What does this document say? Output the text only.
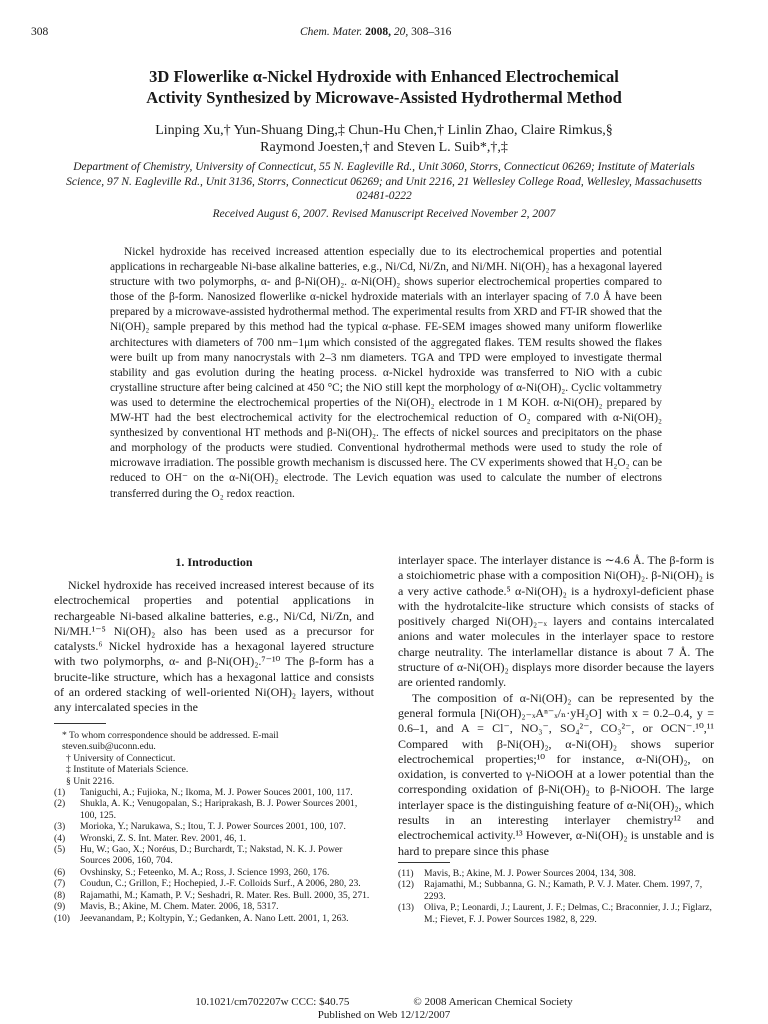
308	Chem. Mater. 2008, 20, 308–316
3D Flowerlike α-Nickel Hydroxide with Enhanced Electrochemical
Activity Synthesized by Microwave-Assisted Hydrothermal Method
Linping Xu,† Yun-Shuang Ding,‡ Chun-Hu Chen,† Linlin Zhao, Claire Rimkus,§
Raymond Joesten,† and Steven L. Suib*,†,‡
Department of Chemistry, University of Connecticut, 55 N. Eagleville Rd., Unit 3060, Storrs, Connecticut 06269; Institute of Materials Science, 97 N. Eagleville Rd., Unit 3136, Storrs, Connecticut 06269; and Unit 2216, 21 Wellesley College Road, Wellesley, Massachusetts 02481-0222
Received August 6, 2007. Revised Manuscript Received November 2, 2007

Nickel hydroxide has received increased attention especially due to its electrochemical properties and potential applications in rechargeable Ni-base alkaline batteries, e.g., Ni/Cd, Ni/Zn, and Ni/MH. Ni(OH)₂ has a hexagonal layered structure with two polymorphs, α- and β-Ni(OH)₂. α-Ni(OH)₂ shows superior electrochemical properties compared to those of the β-form. Nanosized flowerlike α-nickel hydroxide materials with an interlayer spacing of 7.0 Å have been prepared by a microwave-assisted hydrothermal method. The experimental results from XRD and FT-IR showed that the Ni(OH)₂ sample prepared by this method had the typical α-phase. FE-SEM images showed many uniform flowerlike architectures with diameters of 700 nm−1μm which consisted of the aggregated flakes. TEM results showed the flakes were built up from many nanocrystals with 2–3 nm diameters. TGA and TPD were employed to investigate thermal stability and gas evolution during the heating process. α-Nickel hydroxide was transferred to NiO with a cubic crystalline structure after being calcined at 450 °C; the NiO still kept the morphology of α-Ni(OH)₂. Cyclic voltammetry was used to determine the electrochemical properties of the Ni(OH)₂ electrode in 1 M KOH. α-Ni(OH)₂ prepared by MW-HT had the best electrochemical activity for the electrochemical reduction of O₂ compared with α-Ni(OH)₂ synthesized by conventional HT methods and β-Ni(OH)₂. The effects of nickel sources and precipitators on the phase and morphology of the products were studied. Conventional hydrothermal methods were used to study the role of microwave irradiation. The possible growth mechanism is discussed here. The CV experiments showed that H₂O₂ can be reduced to OH⁻ on the α-Ni(OH)₂ electrode. The Levich equation was used to calculate the number of electrons transferred during the O₂ redox reaction.

1. Introduction

Nickel hydroxide has received increased interest because of its electrochemical properties and potential applications in rechargeable Ni-based alkaline batteries, e.g., Ni/Cd, Ni/Zn, and Ni/MH.¹⁻⁵ Ni(OH)₂ also has been used as a precursor for catalysts.⁶ Nickel hydroxide has a hexagonal layered structure with two polymorphs, α- and β-Ni(OH)₂.⁷⁻¹⁰ The β-form has a brucite-like structure, which has a hexagonal lattice and consists of an ordered stacking of well-oriented Ni(OH)₂ layers, without any intercalated species in the

* To whom correspondence should be addressed. E-mail steven.suib@uconn.edu.
† University of Connecticut.
‡ Institute of Materials Science.
§ Unit 2216.
(1)	Taniguchi, A.; Fujioka, N.; Ikoma, M. J. Power Souces 2001, 100, 117.
(2)	Shukla, A. K.; Venugopalan, S.; Hariprakash, B. J. Power Sources 2001, 100, 125.
(3)	Morioka, Y.; Narukawa, S.; Itou, T. J. Power Sources 2001, 100, 107.
(4)	Wronski, Z. S. Int. Mater. Rev. 2001, 46, 1.
(5)	Hu, W.; Gao, X.; Noréus, D.; Burchardt, T.; Nakstad, N. K. J. Power Sources 2006, 160, 704.
(6)	Ovshinsky, S.; Feteenko, M. A.; Ross, J. Science 1993, 260, 176.
(7)	Coudun, C.; Grillon, F.; Hochepied, J.-F. Colloids Surf., A 2006, 280, 23.
(8)	Rajamathi, M.; Kamath, P. V.; Seshadri, R. Mater. Res. Bull. 2000, 35, 271.
(9)	Mavis, B.; Akine, M. Chem. Mater. 2006, 18, 5317.
(10)	Jeevanandam, P.; Koltypin, Y.; Gedanken, A. Nano Lett. 2001, 1, 263.

interlayer space. The interlayer distance is ∼4.6 Å. The β-form is a stoichiometric phase with a composition Ni(OH)₂. β-Ni(OH)₂ is a very active cathode.⁵ α-Ni(OH)₂ is a hydroxyl-deficient phase with the hydrotalcite-like structure which consists of stacks of positively charged Ni(OH)₂₋ₓ layers and contains intercalated anions and water molecules in the interlayer space to restore charge neutrality. The interlamellar distance is about 7 Å. The structure of α-Ni(OH)₂ displays more disorder because the layers are oriented randomly.

The composition of α-Ni(OH)₂ can be represented by the general formula [Ni(OH)₂₋ₓAⁿ⁻ₓ/ₙ·yH₂O] with x = 0.2–0.4, y = 0.6–1, and A = Cl⁻, NO₃⁻, SO₄²⁻, CO₃²⁻, or OCN⁻.¹⁰,¹¹ Compared with β-Ni(OH)₂, α-Ni(OH)₂ shows superior electrochemical properties;¹⁰ for instance, α-Ni(OH)₂, on oxidation, is converted to γ-NiOOH at a lower potential than the corresponding oxidation of β-Ni(OH)₂ to β-NiOOH. The large interlayer space is the distinguishing feature of α-Ni(OH)₂, which results in an interesting interlayer chemistry¹² and electrochemical activity.¹³ However, α-Ni(OH)₂ is unstable and is hard to prepare since this phase

(11)	Mavis, B.; Akine, M. J. Power Sources 2004, 134, 308.
(12)	Rajamathi, M.; Subbanna, G. N.; Kamath, P. V. J. Mater. Chem. 1997, 7, 2293.
(13)	Oliva, P.; Leonardi, J.; Laurent, J. F.; Delmas, C.; Braconnier, J. J.; Figlarz, M.; Fievet, F. J. Power Sources 1982, 8, 229.
10.1021/cm702207w CCC: $40.75	© 2008 American Chemical Society
Published on Web 12/12/2007
